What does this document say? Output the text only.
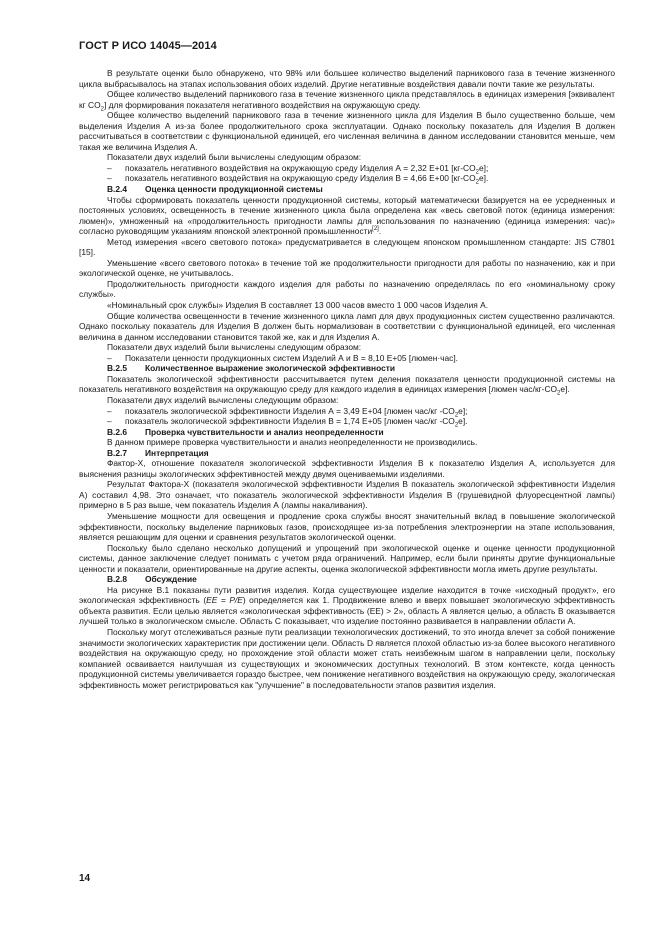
ГОСТ Р ИСО 14045—2014

В результате оценки было обнаружено, что 98% или большее количество выделений парникового газа в течение жизненного цикла выбрасывалось на этапах использования обоих изделий. Другие негативные воздействия давали почти такие же результаты.

Общее количество выделений парникового газа в течение жизненного цикла представлялось в единицах измерения [эквивалент кг $CO_2$] для формирования показателя негативного воздействия на окружающую среду.

Общее количество выделений парникового газа в течение жизненного цикла для Изделия В было существенно больше, чем выделения Изделия А из-за более продолжительного срока эксплуатации. Однако поскольку показатель для Изделия В должен рассчитываться в соответствии с функциональной единицей, его численная величина в данном исследовании становится меньше, чем такая же величина Изделия А.

Показатели двух изделий были вычислены следующим образом:

– показатель негативного воздействия на окружающую среду Изделия А = 2,32 E+01 $[кг-CO_2e]$;

– показатель негативного воздействия на окружающую среду Изделия В = 4,66 E+00 $[кг-CO_2e]$.

B.2.4 Оценка ценности продукционной системы

Чтобы сформировать показатель ценности продукционной системы, который математически базируется на ее усредненных и постоянных условиях, освещенность в течение жизненного цикла была определена как «весь световой поток (единица измерения: люмен)», умноженный на «продолжительность пригодности лампы для использования по назначению (единица измерения: час)» согласно руководящим указаниям японской электронной промышленности[2].

Метод измерения «всего светового потока» предусматривается в следующем японском промышленном стандарте: JIS C7801 [15].

Уменьшение «всего светового потока» в течение той же продолжительности пригодности для работы по назначению, как и при экологической оценке, не учитывалось.

Продолжительность пригодности каждого изделия для работы по назначению определялась по его «номинальному сроку службы».

«Номинальный срок службы» Изделия В составляет 13 000 часов вместо 1 000 часов Изделия А.

Общие количества освещенности в течение жизненного цикла ламп для двух продукционных систем существенно различаются. Однако поскольку показатель для Изделия В должен быть нормализован в соответствии с функциональной единицей, его численная величина в данном исследовании становится такой же, как и для Изделия А.

Показатели двух изделий были вычислены следующим образом:

– Показатели ценности продукционных систем Изделий А и В = 8,10 E+05 [люмен·час].

B.2.5 Количественное выражение экологической эффективности

Показатель экологической эффективности рассчитывается путем деления показателя ценности продукционной системы на показатель негативного воздействия на окружающую среду для каждого изделия в единицах измерения [люмен час/$кг-CO_2e$].

Показатели двух изделий вычислены следующим образом:

– показатель экологической эффективности Изделия А = 3,49 E+04 [люмен час/кг $-CO_2e$];

– показатель экологической эффективности Изделия В = 1,74 E+05 [люмен час/кг $-CO_2e$].

B.2.6 Проверка чувствительности и анализ неопределенности

В данном примере проверка чувствительности и анализ неопределенности не производились.

B.2.7 Интерпретация

Фактор-X, отношение показателя экологической эффективности Изделия В к показателю Изделия А, используется для выяснения разницы экологических эффективностей между двумя оцениваемыми изделиями.

Результат Фактора-X (показателя экологической эффективности Изделия В показатель экологической эффективности Изделия А) составил 4,98. Это означает, что показатель экологической эффективности Изделия В (грушевидной флуоресцентной лампы) примерно в 5 раз выше, чем показатель Изделия А (лампы накаливания).

Уменьшение мощности для освещения и продление срока службы вносят значительный вклад в повышение экологической эффективности, поскольку выделение парниковых газов, происходящее из-за потребления электроэнергии на этапе использования, является решающим для оценки и сравнения результатов экологической оценки.

Поскольку было сделано несколько допущений и упрощений при экологической оценке и оценке ценности продукционной системы, данное заключение следует понимать с учетом ряда ограничений. Например, если были приняты другие функциональные ценности и показатели, ориентированные на другие аспекты, оценка экологической эффективности могла иметь другие результаты.

B.2.8 Обсуждение

На рисунке В.1 показаны пути развития изделия. Когда существующее изделие находится в точке «исходный продукт», его экологическая эффективность (EE = P/E) определяется как 1. Продвижение влево и вверх повышает экологическую эффективность объекта развития. Если целью является «экологическая эффективность (EE) > 2», область А является целью, а область В оказывается лучшей только в экологическом смысле. Область С показывает, что изделие постоянно развивается в направлении области А.

Поскольку могут отслеживаться разные пути реализации технологических достижений, то это иногда влечет за собой понижение значимости экологических характеристик при достижении цели. Область D является плохой областью из-за более высокого негативного воздействия на окружающую среду, но прохождение этой области может стать неизбежным шагом в направлении цели, поскольку компанией осваивается наилучшая из существующих и экономических доступных технологий. В этом контексте, когда ценность продукционной системы увеличивается гораздо быстрее, чем понижение негативного воздействия на окружающую среду, экологическая эффективность может регистрироваться как "улучшение" в последовательности этапов развития изделия.

14
